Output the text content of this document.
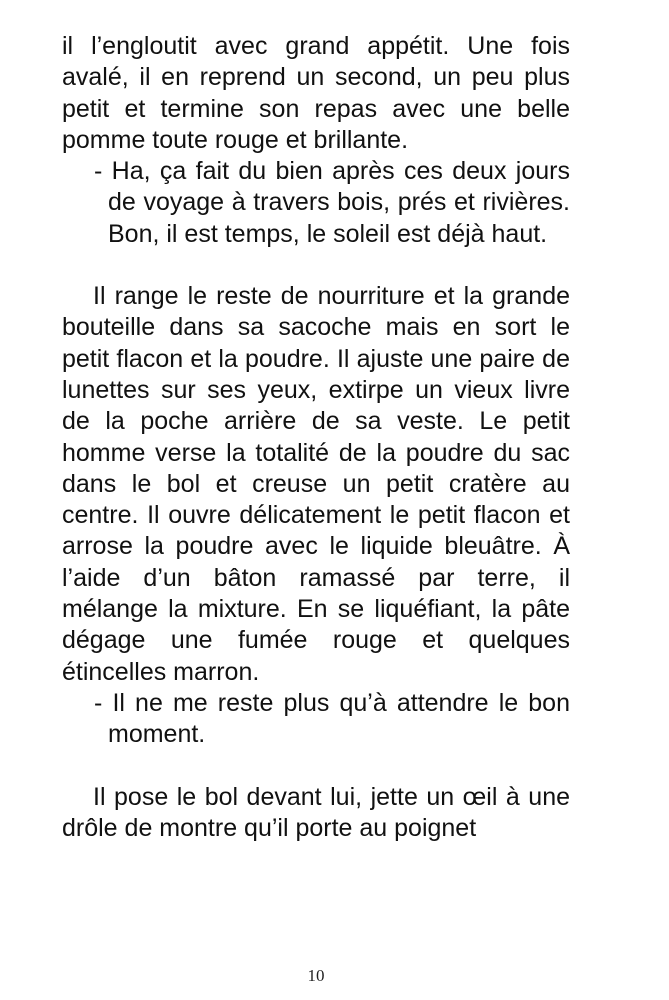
il l’engloutit avec grand appétit. Une fois avalé, il en reprend un second, un peu plus petit et termine son repas avec une belle pomme toute rouge et brillante.

- Ha, ça fait du bien après ces deux jours de voyage à travers bois, prés et rivières. Bon, il est temps, le soleil est déjà haut.

Il range le reste de nourriture et la grande bouteille dans sa sacoche mais en sort le petit flacon et la poudre. Il ajuste une paire de lunettes sur ses yeux, extirpe un vieux livre de la poche arrière de sa veste. Le petit homme verse la totalité de la poudre du sac dans le bol et creuse un petit cratère au centre. Il ouvre délicatement le petit flacon et arrose la poudre avec le liquide bleuâtre. À l’aide d’un bâton ramassé par terre, il mélange la mixture. En se liquéfiant, la pâte dégage une fumée rouge et quelques étincelles marron.

- Il ne me reste plus qu’à attendre le bon moment.

Il pose le bol devant lui, jette un œil à une drôle de montre qu’il porte au poignet

10
